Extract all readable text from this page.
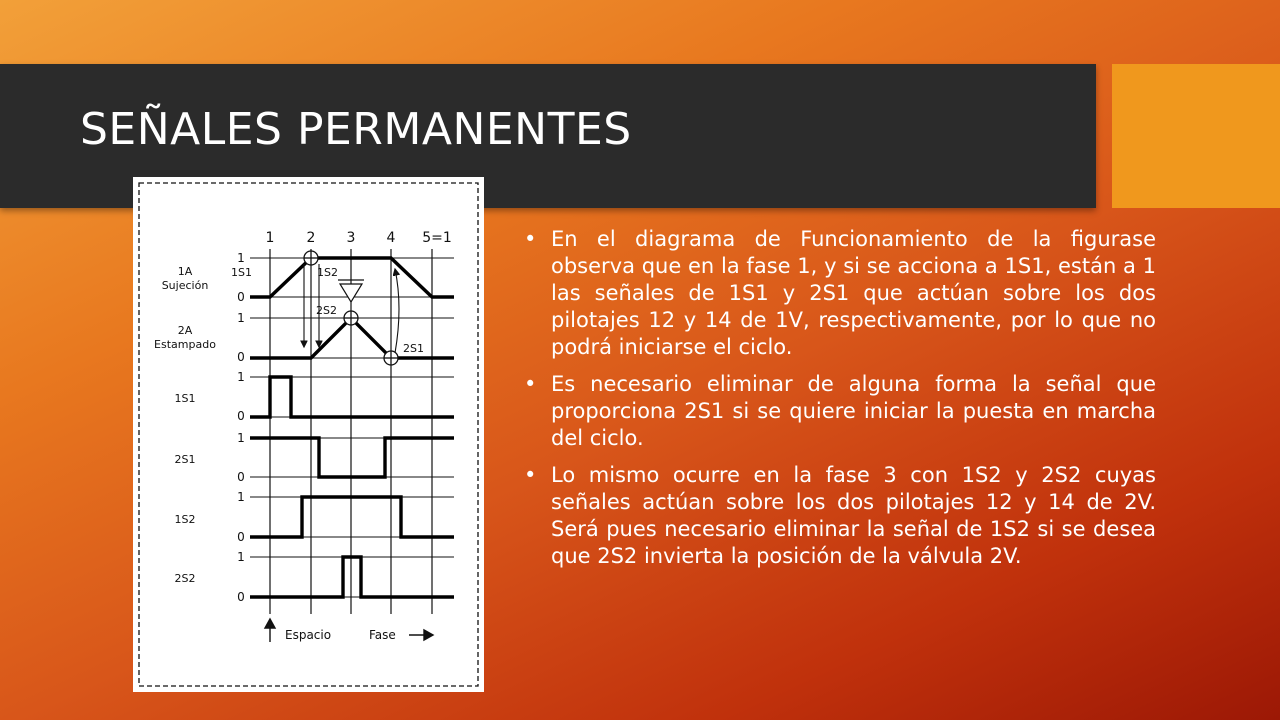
SEÑALES PERMANENTES
1 2 3 4 5=1
1A
Sujeción
2A
Estampado
1S1
2S1
1S2
2S2
1
0
1
0
1
0
1
0
1
0
1
0
1S1	1S2
2S2
2S1
Espacio	Fase
• En el diagrama de Funcionamiento de la figurase observa que en la fase 1, y si se acciona a 1S1, están a 1 las señales de 1S1 y 2S1 que actúan sobre los dos pilotajes 12 y 14 de 1V, respectivamente, por lo que no podrá iniciarse el ciclo.
• Es necesario eliminar de alguna forma la señal que proporciona 2S1 si se quiere iniciar la puesta en marcha del ciclo.
• Lo mismo ocurre en la fase 3 con 1S2 y 2S2 cuyas señales actúan sobre los dos pilotajes 12 y 14 de 2V. Será pues necesario eliminar la señal de 1S2 si se desea que 2S2 invierta la posición de la válvula 2V.
